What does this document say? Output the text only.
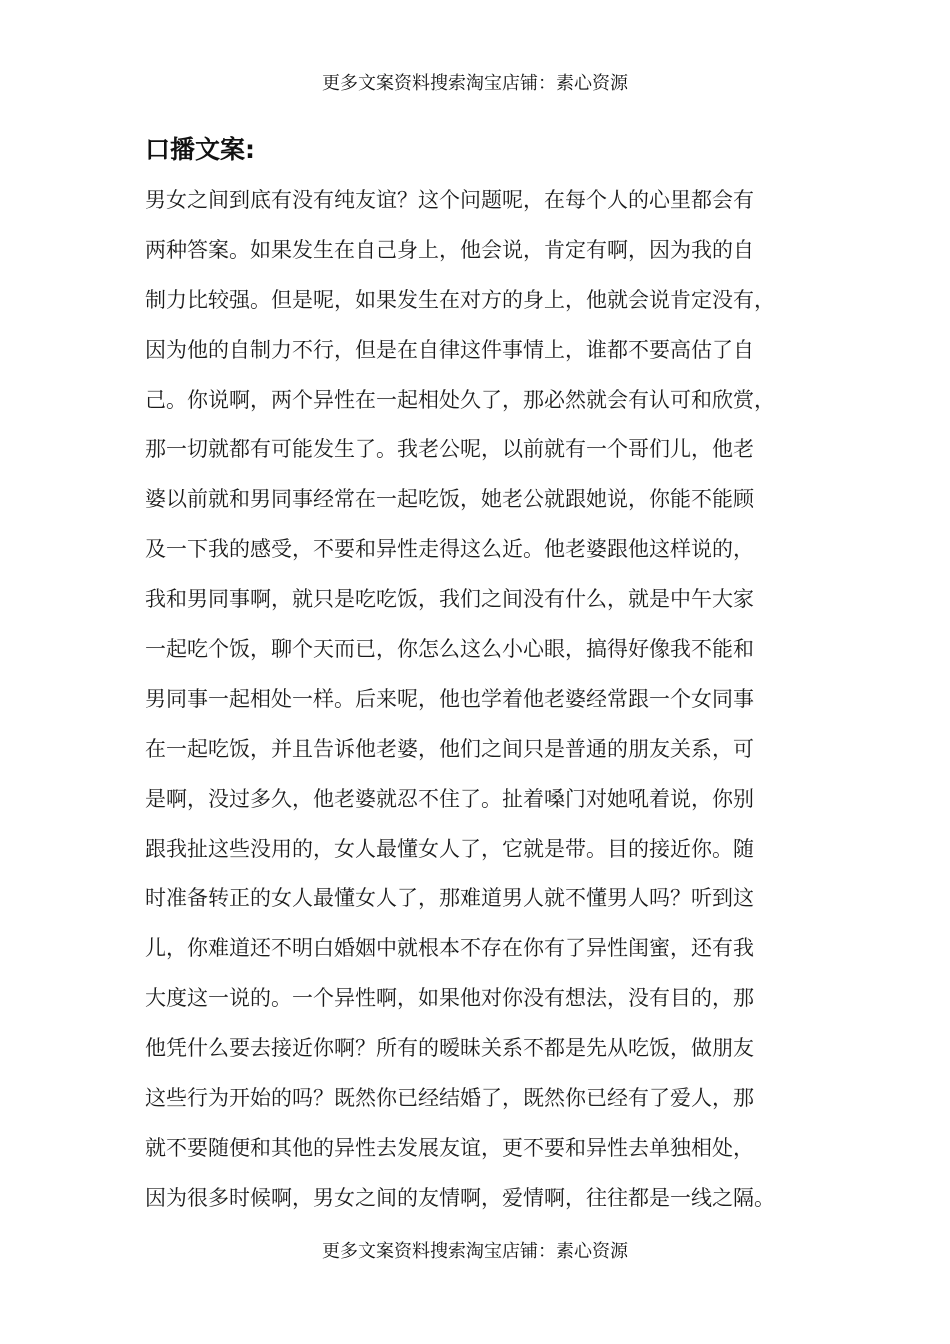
更多文案资料搜索淘宝店铺：素心资源
口播文案:
男女之间到底有没有纯友谊？这个问题呢，在每个人的心里都会有
两种答案。如果发生在自己身上，他会说，肯定有啊，因为我的自
制力比较强。但是呢，如果发生在对方的身上，他就会说肯定没有，
因为他的自制力不行，但是在自律这件事情上，谁都不要高估了自
己。你说啊，两个异性在一起相处久了，那必然就会有认可和欣赏，
那一切就都有可能发生了。我老公呢，以前就有一个哥们儿，他老
婆以前就和男同事经常在一起吃饭，她老公就跟她说，你能不能顾
及一下我的感受，不要和异性走得这么近。他老婆跟他这样说的，
我和男同事啊，就只是吃吃饭，我们之间没有什么，就是中午大家
一起吃个饭，聊个天而已，你怎么这么小心眼，搞得好像我不能和
男同事一起相处一样。后来呢，他也学着他老婆经常跟一个女同事
在一起吃饭，并且告诉他老婆，他们之间只是普通的朋友关系，可
是啊，没过多久，他老婆就忍不住了。扯着嗓门对她吼着说，你别
跟我扯这些没用的，女人最懂女人了，它就是带。目的接近你。随
时准备转正的女人最懂女人了，那难道男人就不懂男人吗？听到这
儿，你难道还不明白婚姻中就根本不存在你有了异性闺蜜，还有我
大度这一说的。一个异性啊，如果他对你没有想法，没有目的，那
他凭什么要去接近你啊？所有的暧昧关系不都是先从吃饭，做朋友
这些行为开始的吗？既然你已经结婚了，既然你已经有了爱人，那
就不要随便和其他的异性去发展友谊，更不要和异性去单独相处，
因为很多时候啊，男女之间的友情啊，爱情啊，往往都是一线之隔。
更多文案资料搜索淘宝店铺：素心资源
